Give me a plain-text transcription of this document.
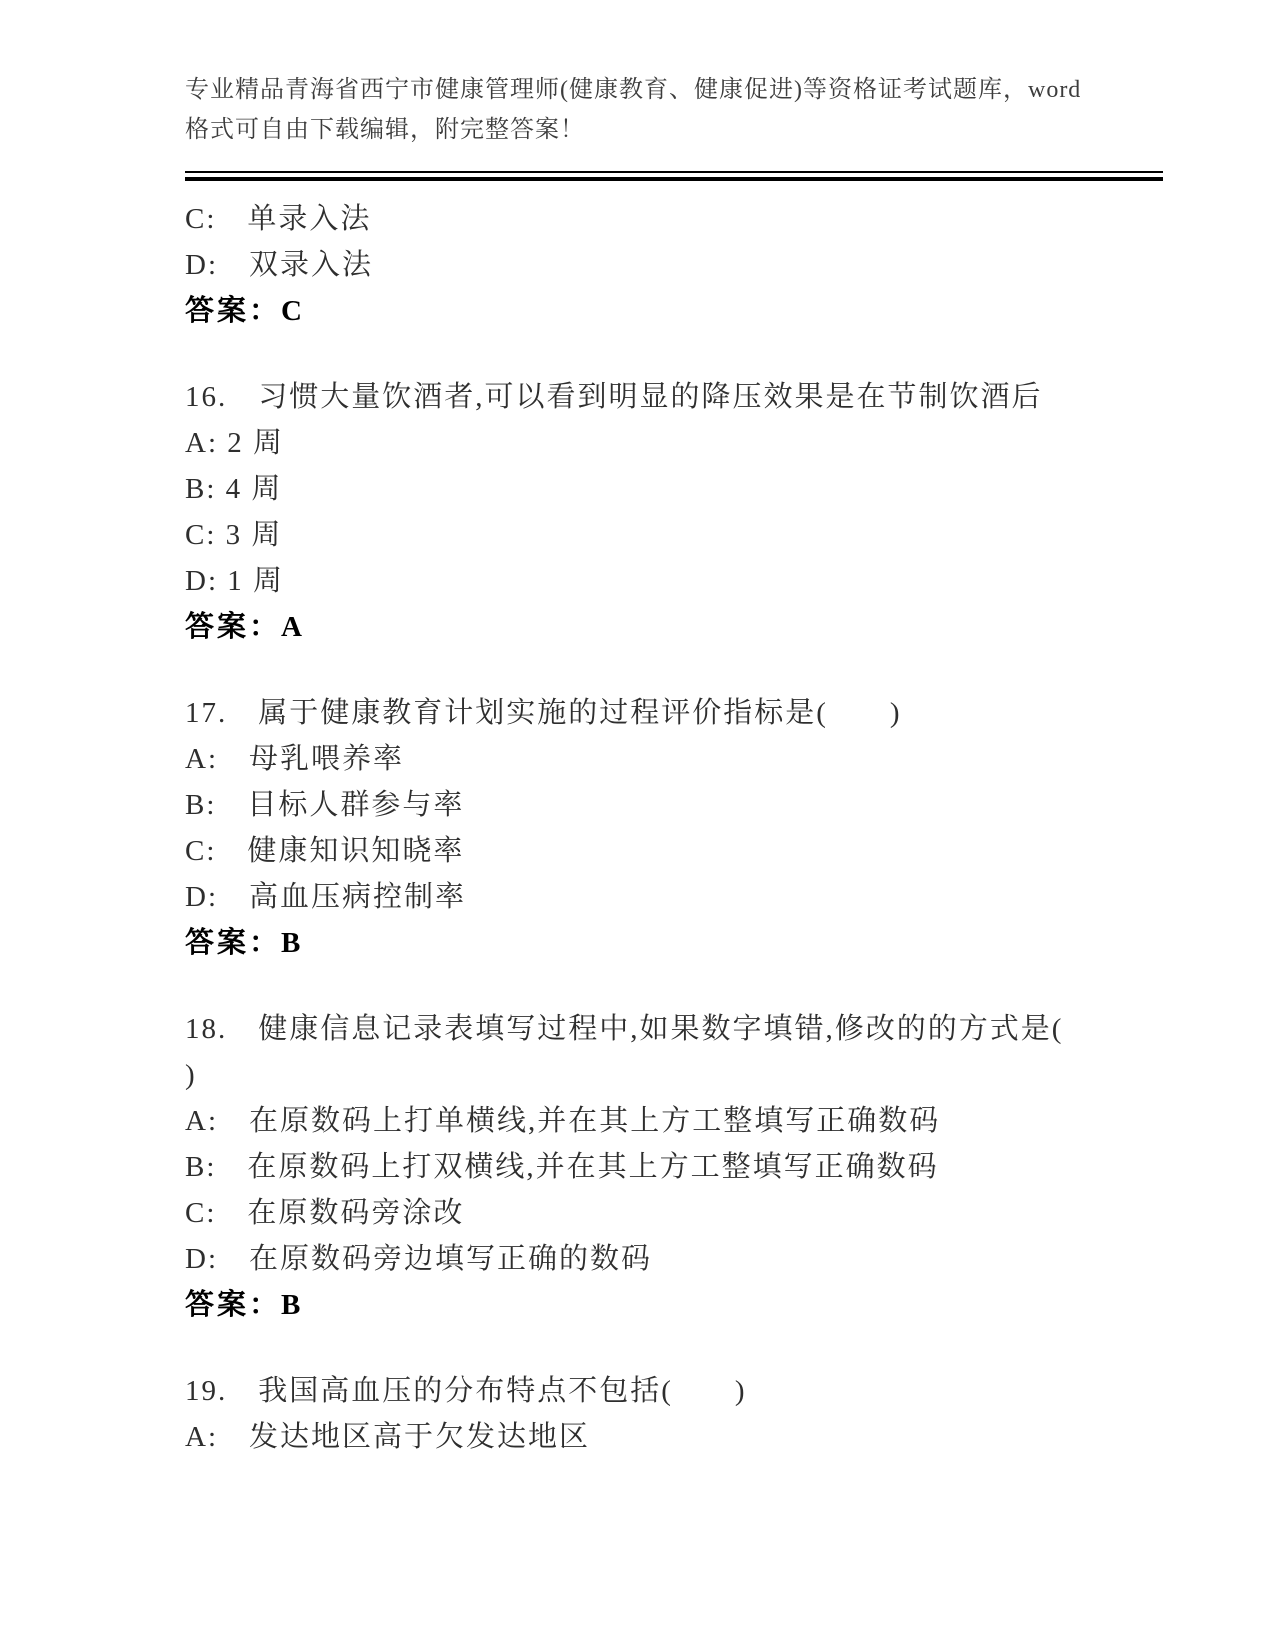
专业精品青海省西宁市健康管理师(健康教育、健康促进)等资格证考试题库，word
格式可自由下载编辑，附完整答案！
C:　单录入法
D:　双录入法
答案：C
16.　习惯大量饮酒者,可以看到明显的降压效果是在节制饮酒后
A: 2 周
B: 4 周
C: 3 周
D: 1 周
答案：A
17.　属于健康教育计划实施的过程评价指标是(　　)
A:　母乳喂养率
B:　目标人群参与率
C:　健康知识知晓率
D:　高血压病控制率
答案：B
18.　健康信息记录表填写过程中,如果数字填错,修改的的方式是(
)
A:　在原数码上打单横线,并在其上方工整填写正确数码
B:　在原数码上打双横线,并在其上方工整填写正确数码
C:　在原数码旁涂改
D:　在原数码旁边填写正确的数码
答案：B
19.　我国高血压的分布特点不包括(　　)
A:　发达地区高于欠发达地区
